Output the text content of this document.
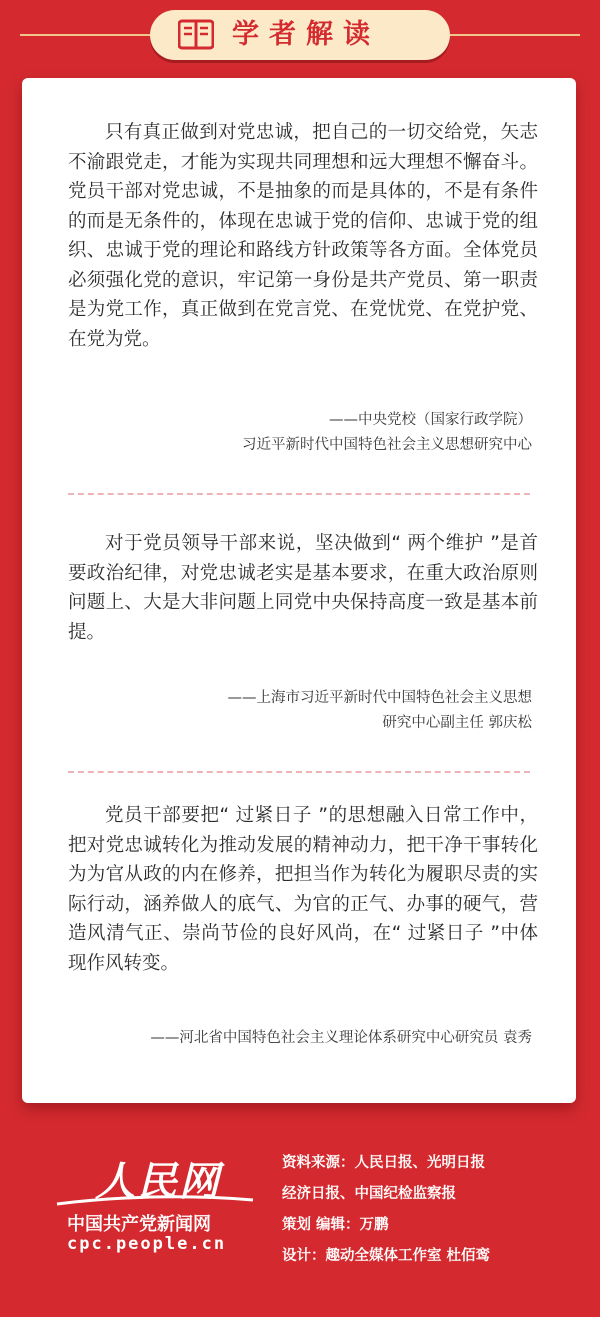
学者解读

只有真正做到对党忠诚，把自己的一切交给党，矢志不渝跟党走，才能为实现共同理想和远大理想不懈奋斗。党员干部对党忠诚，不是抽象的而是具体的，不是有条件的而是无条件的，体现在忠诚于党的信仰、忠诚于党的组织、忠诚于党的理论和路线方针政策等各方面。全体党员必须强化党的意识，牢记第一身份是共产党员、第一职责是为党工作，真正做到在党言党、在党忧党、在党护党、在党为党。

——中央党校（国家行政学院）
习近平新时代中国特色社会主义思想研究中心

对于党员领导干部来说，坚决做到“ 两个维护 ”是首要政治纪律，对党忠诚老实是基本要求，在重大政治原则问题上、大是大非问题上同党中央保持高度一致是基本前提。

——上海市习近平新时代中国特色社会主义思想
研究中心副主任 郭庆松

党员干部要把“ 过紧日子 ”的思想融入日常工作中，把对党忠诚转化为推动发展的精神动力，把干净干事转化为为官从政的内在修养，把担当作为转化为履职尽责的实际行动，涵养做人的底气、为官的正气、办事的硬气，营造风清气正、崇尚节俭的良好风尚，在“ 过紧日子 ”中体现作风转变。

——河北省中国特色社会主义理论体系研究中心研究员 袁秀

人民网
中国共产党新闻网
cpc.people.cn
资料来源：人民日报、光明日报
经济日报、中国纪检监察报
策划 编辑：万鹏
设计：趣动全媒体工作室 杜佰鸾
